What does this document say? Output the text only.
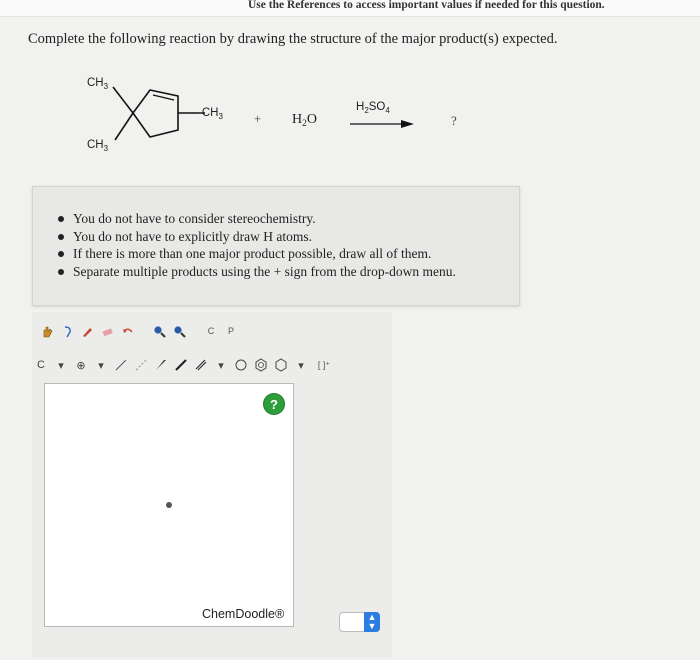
Use the References to access important values if needed for this question.
Complete the following reaction by drawing the structure of the major product(s) expected.
$CH_3$
$CH_3$
$-CH_3 + H_2O$
$H_2SO_4$
?
You do not have to consider stereochemistry.
You do not have to explicitly draw H atoms.
If there is more than one major product possible, draw all of them.
Separate multiple products using the + sign from the drop-down menu.
C	P
C	▾	⊕	▾	▾	▾	[ ]⁺
?
ChemDoodle®	▲
▼
